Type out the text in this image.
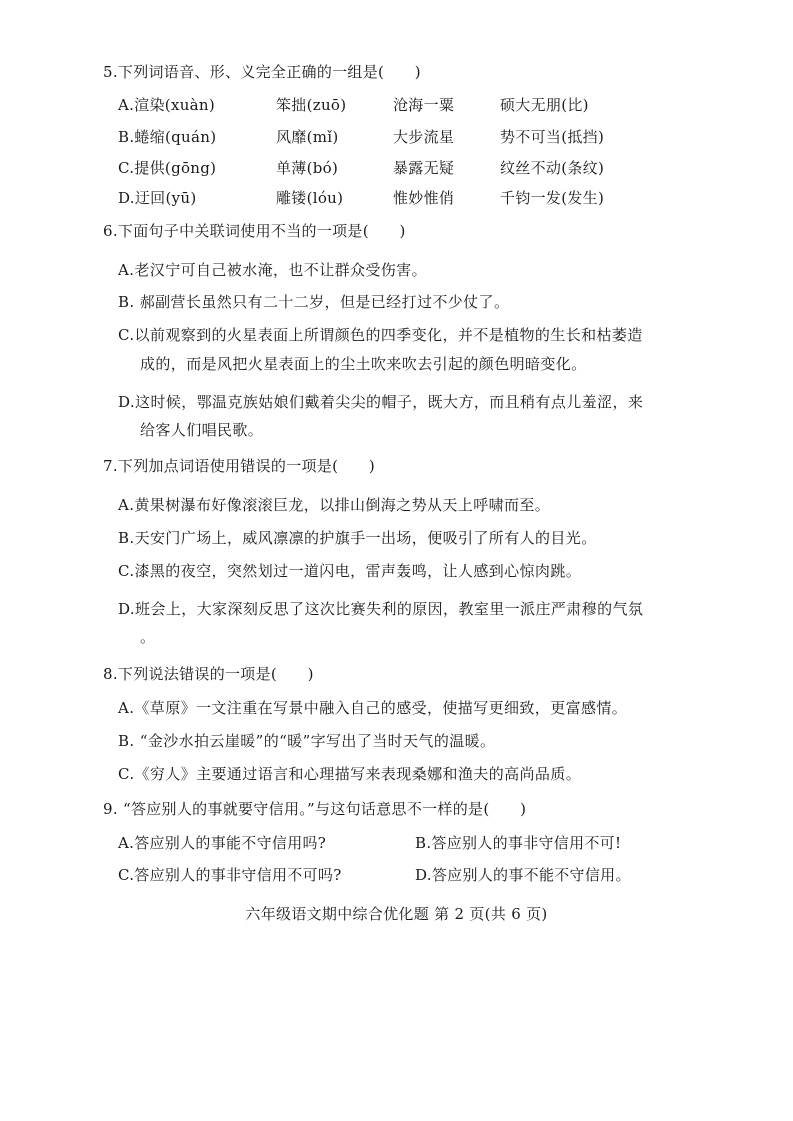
5.下列词语音、形、义完全正确的一组是(　　)
A.渲染(xuàn)	笨拙(zuō)	沧海一粟	硕大无朋(比)
B.蜷缩(quán)	风靡(mǐ)	大步流星	势不可当(抵挡)
C.提供(gōng)	单薄(bó)	暴露无疑	纹丝不动(条纹)
D.迂回(yū)	雕镂(lóu)	惟妙惟俏	千钧一发(发生)
6.下面句子中关联词使用不当的一项是(　　)
A.老汉宁可自己被水淹，也不让群众受伤害。
B. 郝副营长虽然只有二十二岁，但是已经打过不少仗了。
C.以前观察到的火星表面上所谓颜色的四季变化，并不是植物的生长和枯萎造
成的，而是风把火星表面上的尘土吹来吹去引起的颜色明暗变化。
D.这时候，鄂温克族姑娘们戴着尖尖的帽子，既大方，而且稍有点儿羞涩，来
给客人们唱民歌。
7.下列加点词语使用错误的一项是(　　)
A.黄果树瀑布好像滚滚巨龙，以排山倒海之势从天上呼啸而至。
B.天安门广场上，威风凛凛的护旗手一出场，便吸引了所有人的目光。
C.漆黑的夜空，突然划过一道闪电，雷声轰鸣，让人感到心惊肉跳。
D.班会上，大家深刻反思了这次比赛失利的原因，教室里一派庄严肃穆的气氛
。
8.下列说法错误的一项是(　　)
A.《草原》一文注重在写景中融入自己的感受，使描写更细致，更富感情。
B. “金沙水拍云崖暖”的“暖”字写出了当时天气的温暖。
C.《穷人》主要通过语言和心理描写来表现桑娜和渔夫的高尚品质。
9. “答应别人的事就要守信用。”与这句话意思不一样的是(　　)
A.答应别人的事能不守信用吗?	B.答应别人的事非守信用不可!
C.答应别人的事非守信用不可吗?	D.答应别人的事不能不守信用。
六年级语文期中综合优化题 第 2 页(共 6 页)
